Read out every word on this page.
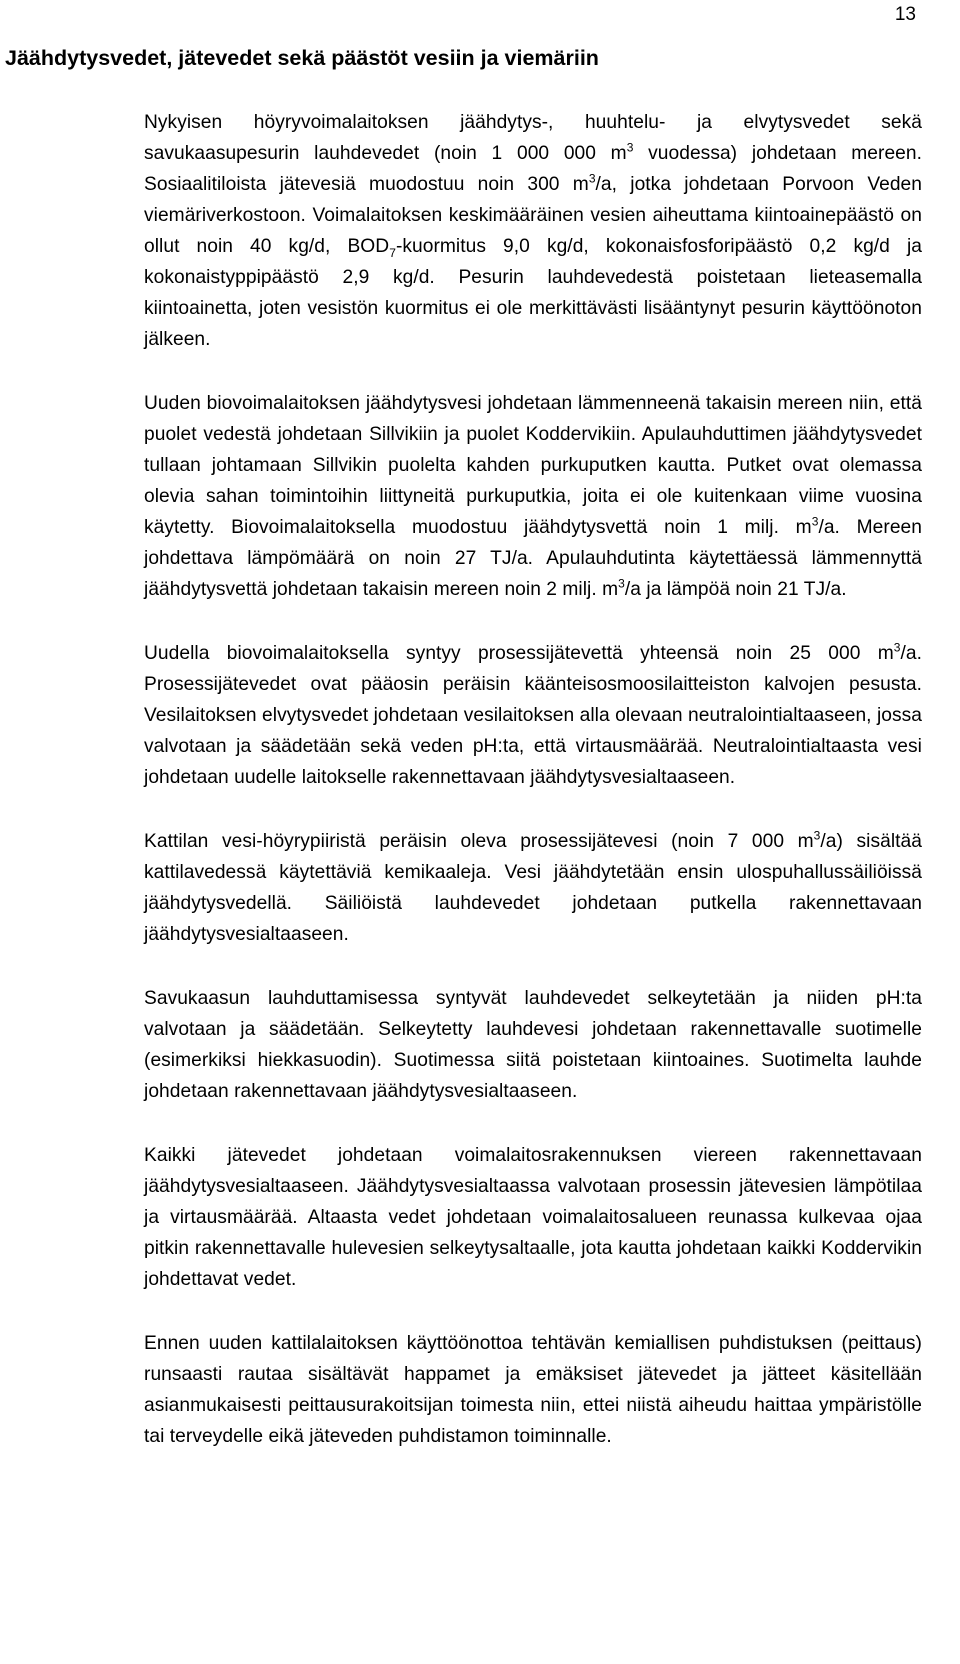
13
Jäähdytysvedet, jätevedet sekä päästöt vesiin ja viemäriin

Nykyisen höyryvoimalaitoksen jäähdytys-, huuhtelu- ja elvytysvedet sekä savukaasupesurin lauhdevedet (noin 1 000 000 $m^3$ vuodessa) johdetaan mereen. Sosiaalitiloista jätevesiä muodostuu noin 300 $m^3/a$, jotka johdetaan Porvoon Veden viemäriverkostoon. Voimalaitoksen keskimääräinen vesien aiheuttama kiintoainepäästö on ollut noin 40 kg/d, $BOD_7$-kuormitus 9,0 kg/d, kokonaisfosforipäästö 0,2 kg/d ja kokonaistyppipäästö 2,9 kg/d. Pesurin lauhdevedestä poistetaan lieteasemalla kiintoainetta, joten vesistön kuormitus ei ole merkittävästi lisääntynyt pesurin käyttöönoton jälkeen.

Uuden biovoimalaitoksen jäähdytysvesi johdetaan lämmenneenä takaisin mereen niin, että puolet vedestä johdetaan Sillvikiin ja puolet Koddervikiin. Apulauhduttimen jäähdytysvedet tullaan johtamaan Sillvikin puolelta kahden purkuputken kautta. Putket ovat olemassa olevia sahan toimintoihin liittyneitä purkuputkia, joita ei ole kuitenkaan viime vuosina käytetty. Biovoimalaitoksella muodostuu jäähdytysvettä noin 1 milj. $m^3/a$. Mereen johdettava lämpömäärä on noin 27 TJ/a. Apulauhdutinta käytettäessä lämmennyttä jäähdytysvettä johdetaan takaisin mereen noin 2 milj. $m^3/a$ ja lämpöä noin 21 TJ/a.

Uudella biovoimalaitoksella syntyy prosessijätevettä yhteensä noin 25 000 $m^3/a$. Prosessijätevedet ovat pääosin peräisin käänteisosmoosilaitteiston kalvojen pesusta. Vesilaitoksen elvytysvedet johdetaan vesilaitoksen alla olevaan neutralointialtaaseen, jossa valvotaan ja säädetään sekä veden pH:ta, että virtausmäärää. Neutralointialtaasta vesi johdetaan uudelle laitokselle rakennettavaan jäähdytysvesialtaaseen.

Kattilan vesi-höyrypiiristä peräisin oleva prosessijätevesi (noin 7 000 $m^3/a$) sisältää kattilavedessä käytettäviä kemikaaleja. Vesi jäähdytetään ensin ulospuhallussäiliöissä jäähdytysvedellä. Säiliöistä lauhdevedet johdetaan putkella rakennettavaan jäähdytysvesialtaaseen.

Savukaasun lauhduttamisessa syntyvät lauhdevedet selkeytetään ja niiden pH:ta valvotaan ja säädetään. Selkeytetty lauhdevesi johdetaan rakennettavalle suotimelle (esimerkiksi hiekkasuodin). Suotimessa siitä poistetaan kiintoaines. Suotimelta lauhde johdetaan rakennettavaan jäähdytysvesialtaaseen.

Kaikki jätevedet johdetaan voimalaitosrakennuksen viereen rakennettavaan jäähdytysvesialtaaseen. Jäähdytysvesialtaassa valvotaan prosessin jätevesien lämpötilaa ja virtausmäärää. Altaasta vedet johdetaan voimalaitosalueen reunassa kulkevaa ojaa pitkin rakennettavalle hulevesien selkeytysaltaalle, jota kautta johdetaan kaikki Koddervikin johdettavat vedet.

Ennen uuden kattilalaitoksen käyttöönottoa tehtävän kemiallisen puhdistuksen (peittaus) runsaasti rautaa sisältävät happamet ja emäksiset jätevedet ja jätteet käsitellään asianmukaisesti peittausurakoitsijan toimesta niin, ettei niistä aiheudu haittaa ympäristölle tai terveydelle eikä jäteveden puhdistamon toiminnalle.
